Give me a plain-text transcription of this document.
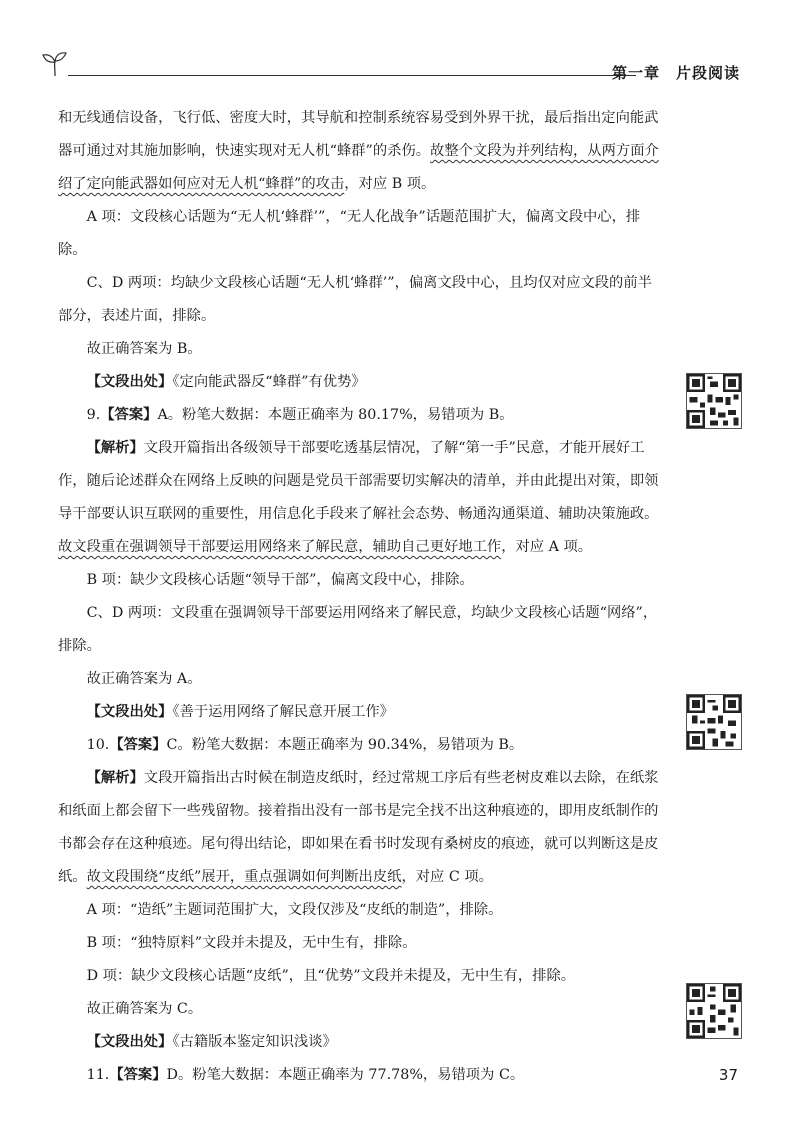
第一章　片段阅读

和无线通信设备，飞行低、密度大时，其导航和控制系统容易受到外界干扰，最后指出定向能武器可通过对其施加影响，快速实现对无人机“蜂群”的杀伤。故整个文段为并列结构，从两方面介绍了定向能武器如何应对无人机“蜂群”的攻击，对应 B 项。

A 项：文段核心话题为“无人机‘蜂群’”，“无人化战争”话题范围扩大，偏离文段中心，排除。

C、D 两项：均缺少文段核心话题“无人机‘蜂群’”，偏离文段中心，且均仅对应文段的前半部分，表述片面，排除。

故正确答案为 B。

【文段出处】《定向能武器反“蜂群”有优势》

9.【答案】A。粉笔大数据：本题正确率为 80.17%，易错项为 B。

【解析】文段开篇指出各级领导干部要吃透基层情况，了解“第一手”民意，才能开展好工作，随后论述群众在网络上反映的问题是党员干部需要切实解决的清单，并由此提出对策，即领导干部要认识互联网的重要性，用信息化手段来了解社会态势、畅通沟通渠道、辅助决策施政。故文段重在强调领导干部要运用网络来了解民意，辅助自己更好地工作，对应 A 项。

B 项：缺少文段核心话题“领导干部”，偏离文段中心，排除。

C、D 两项：文段重在强调领导干部要运用网络来了解民意，均缺少文段核心话题“网络”，排除。

故正确答案为 A。

【文段出处】《善于运用网络了解民意开展工作》

10.【答案】C。粉笔大数据：本题正确率为 90.34%，易错项为 B。

【解析】文段开篇指出古时候在制造皮纸时，经过常规工序后有些老树皮难以去除，在纸浆和纸面上都会留下一些残留物。接着指出没有一部书是完全找不出这种痕迹的，即用皮纸制作的书都会存在这种痕迹。尾句得出结论，即如果在看书时发现有桑树皮的痕迹，就可以判断这是皮纸。故文段围绕“皮纸”展开，重点强调如何判断出皮纸，对应 C 项。

A 项：“造纸”主题词范围扩大，文段仅涉及“皮纸的制造”，排除。

B 项：“独特原料”文段并未提及，无中生有，排除。

D 项：缺少文段核心话题“皮纸”，且“优势”文段并未提及，无中生有，排除。

故正确答案为 C。

【文段出处】《古籍版本鉴定知识浅谈》

11.【答案】D。粉笔大数据：本题正确率为 77.78%，易错项为 C。	37
